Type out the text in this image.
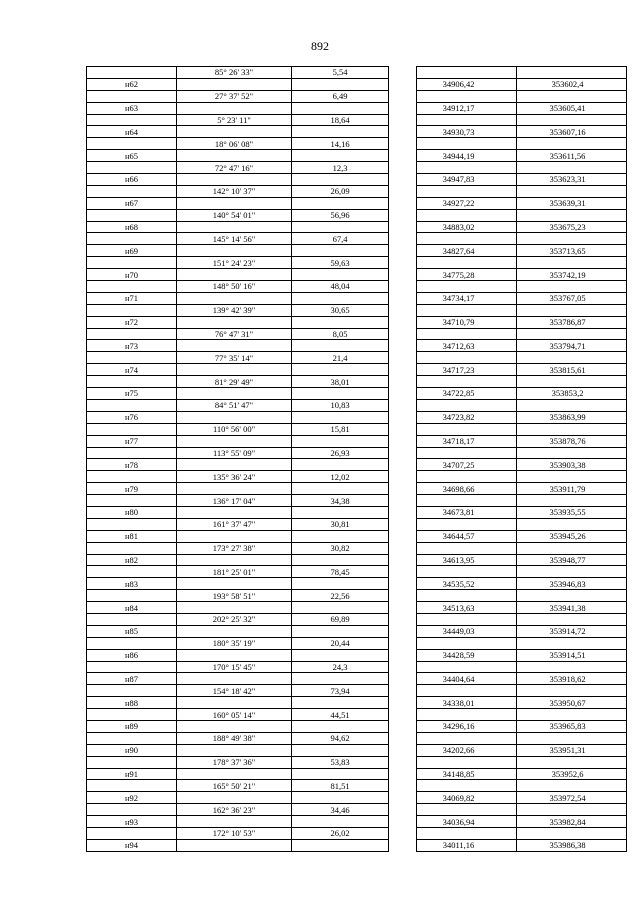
892
	85° 26' 33"	5,54			
н62				34906,42	353602,4
	27° 37' 52"	6,49			
н63				34912,17	353605,41
	5° 23' 11"	18,64			
н64				34930,73	353607,16
	18° 06' 08"	14,16			
н65				34944,19	353611,56
	72° 47' 16"	12,3			
н66				34947,83	353623,31
	142° 10' 37"	26,09			
н67				34927,22	353639,31
	140° 54' 01"	56,96			
н68				34883,02	353675,23
	145° 14' 56"	67,4			
н69				34827,64	353713,65
	151° 24' 23"	59,63			
н70				34775,28	353742,19
	148° 50' 16"	48,04			
н71				34734,17	353767,05
	139° 42' 39"	30,65			
н72				34710,79	353786,87
	76° 47' 31"	8,05			
н73				34712,63	353794,71
	77° 35' 14"	21,4			
н74				34717,23	353815,61
	81° 29' 49"	38,01			
н75				34722,85	353853,2
	84° 51' 47"	10,83			
н76				34723,82	353863,99
	110° 56' 00"	15,81			
н77				34718,17	353878,76
	113° 55' 09"	26,93			
н78				34707,25	353903,38
	135° 36' 24"	12,02			
н79				34698,66	353911,79
	136° 17' 04"	34,38			
н80				34673,81	353935,55
	161° 37' 47"	30,81			
н81				34644,57	353945,26
	173° 27' 38"	30,82			
н82				34613,95	353948,77
	181° 25' 01"	78,45			
н83				34535,52	353946,83
	193° 58' 51"	22,56			
н84				34513,63	353941,38
	202° 25' 32"	69,89			
н85				34449,03	353914,72
	180° 35' 19"	20,44			
н86				34428,59	353914,51
	170° 15' 45"	24,3			
н87				34404,64	353918,62
	154° 18' 42"	73,94			
н88				34338,01	353950,67
	160° 05' 14"	44,51			
н89				34296,16	353965,83
	188° 49' 38"	94,62			
н90				34202,66	353951,31
	178° 37' 36"	53,83			
н91				34148,85	353952,6
	165° 50' 21"	81,51			
н92				34069,82	353972,54
	162° 36' 23"	34,46			
н93				34036,94	353982,84
	172° 10' 53"	26,02			
н94				34011,16	353986,38
